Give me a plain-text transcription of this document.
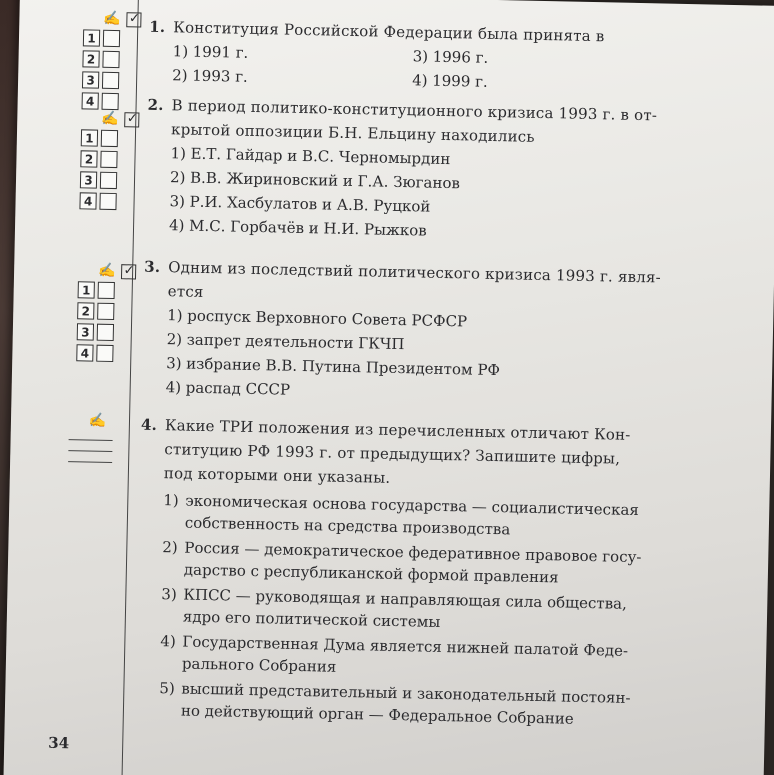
✍ ✓
1
2
3
4
✍ ✓
1
2
3
4
✍ ✓
1
2
3
4
✍
1. Конституция Российской Федерации была принята в
1) 1991 г.	3) 1996 г.
2) 1993 г.	4) 1999 г.
2. В период политико-конституционного кризиса 1993 г. в от-
крытой оппозиции Б.Н. Ельцину находились
1) Е.Т. Гайдар и В.С. Черномырдин
2) В.В. Жириновский и Г.А. Зюганов
3) Р.И. Хасбулатов и А.В. Руцкой
4) М.С. Горбачёв и Н.И. Рыжков
3. Одним из последствий политического кризиса 1993 г. явля-
ется
1) роспуск Верховного Совета РСФСР
2) запрет деятельности ГКЧП
3) избрание В.В. Путина Президентом РФ
4) распад СССР
4. Какие ТРИ положения из перечисленных отличают Кон-
ституцию РФ 1993 г. от предыдущих? Запишите цифры,
под которыми они указаны.
1) экономическая основа государства — социалистическая
собственность на средства производства
2) Россия — демократическое федеративное правовое госу-
дарство с республиканской формой правления
3) КПСС — руководящая и направляющая сила общества,
ядро его политической системы
4) Государственная Дума является нижней палатой Феде-
рального Собрания
5) высший представительный и законодательный постоян-
но действующий орган — Федеральное Собрание
34
